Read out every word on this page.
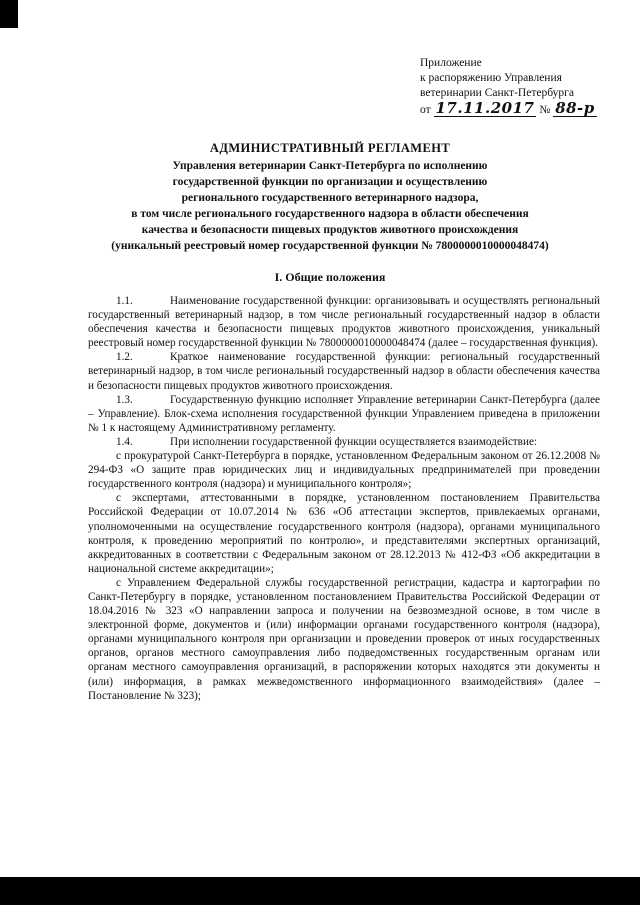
Приложение
к распоряжению Управления
ветеринарии Санкт-Петербурга
от 17.11.2017 № 88-р
АДМИНИСТРАТИВНЫЙ РЕГЛАМЕНТ
Управления ветеринарии Санкт-Петербурга по исполнению
государственной функции по организации и осуществлению
регионального государственного ветеринарного надзора,
в том числе регионального государственного надзора в области обеспечения
качества и безопасности пищевых продуктов животного происхождения
(уникальный реестровый номер государственной функции № 7800000010000048474)
I. Общие положения

1.1.	Наименование государственной функции: организовывать и осуществлять региональный государственный ветеринарный надзор, в том числе региональный государственный надзор в области обеспечения качества и безопасности пищевых продуктов животного происхождения, уникальный реестровый номер государственной функции № 7800000010000048474 (далее – государственная функция).

1.2.	Краткое наименование государственной функции: региональный государственный ветеринарный надзор, в том числе региональный государственный надзор в области обеспечения качества и безопасности пищевых продуктов животного происхождения.

1.3.	Государственную функцию исполняет Управление ветеринарии Санкт-Петербурга (далее – Управление). Блок-схема исполнения государственной функции Управлением приведена в приложении № 1 к настоящему Административному регламенту.

1.4.	При исполнении государственной функции осуществляется взаимодействие:

с прокуратурой Санкт-Петербурга в порядке, установленном Федеральным законом от 26.12.2008 № 294-ФЗ «О защите прав юридических лиц и индивидуальных предпринимателей при проведении государственного контроля (надзора) и муниципального контроля»;

с экспертами, аттестованными в порядке, установленном постановлением Правительства Российской Федерации от 10.07.2014 № 636 «Об аттестации экспертов, привлекаемых органами, уполномоченными на осуществление государственного контроля (надзора), органами муниципального контроля, к проведению мероприятий по контролю», и представителями экспертных организаций, аккредитованных в соответствии с Федеральным законом от 28.12.2013 № 412-ФЗ «Об аккредитации в национальной системе аккредитации»;

с Управлением Федеральной службы государственной регистрации, кадастра и картографии по Санкт-Петербургу в порядке, установленном постановлением Правительства Российской Федерации от 18.04.2016 № 323 «О направлении запроса и получении на безвозмездной основе, в том числе в электронной форме, документов и (или) информации органами государственного контроля (надзора), органами муниципального контроля при организации и проведении проверок от иных государственных органов, органов местного самоуправления либо подведомственных государственным органам или органам местного самоуправления организаций, в распоряжении которых находятся эти документы и (или) информация, в рамках межведомственного информационного взаимодействия» (далее – Постановление № 323);
